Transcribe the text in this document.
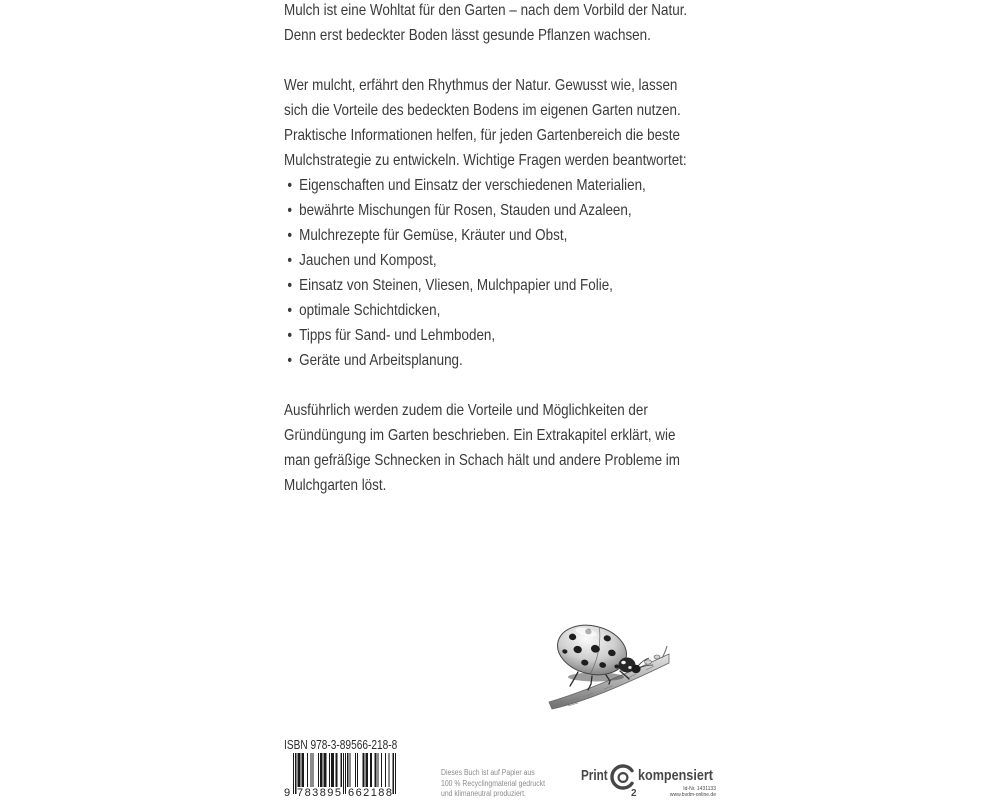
Mulch ist eine Wohltat für den Garten – nach dem Vorbild der Natur.
Denn erst bedeckter Boden lässt gesunde Pflanzen wachsen.
Wer mulcht, erfährt den Rhythmus der Natur. Gewusst wie, lassen
sich die Vorteile des bedeckten Bodens im eigenen Garten nutzen.
Praktische Informationen helfen, für jeden Gartenbereich die beste
Mulchstrategie zu entwickeln. Wichtige Fragen werden beantwortet:
• Eigenschaften und Einsatz der verschiedenen Materialien,
• bewährte Mischungen für Rosen, Stauden und Azaleen,
• Mulchrezepte für Gemüse, Kräuter und Obst,
• Jauchen und Kompost,
• Einsatz von Steinen, Vliesen, Mulchpapier und Folie,
• optimale Schichtdicken,
• Tipps für Sand- und Lehmboden,
• Geräte und Arbeitsplanung.
Ausführlich werden zudem die Vorteile und Möglichkeiten der
Gründüngung im Garten beschrieben. Ein Extrakapitel erklärt, wie
man gefräßige Schnecken in Schach hält und andere Probleme im
Mulchgarten löst.
ISBN 978-3-89566-218-8
9 783895 662188
Dieses Buch ist auf Papier aus
100 % Recyclingmaterial gedruckt
und klimaneutral produziert.
Print
2
kompensiert
Id-Nr. 1431133
www.bvdm-online.de
